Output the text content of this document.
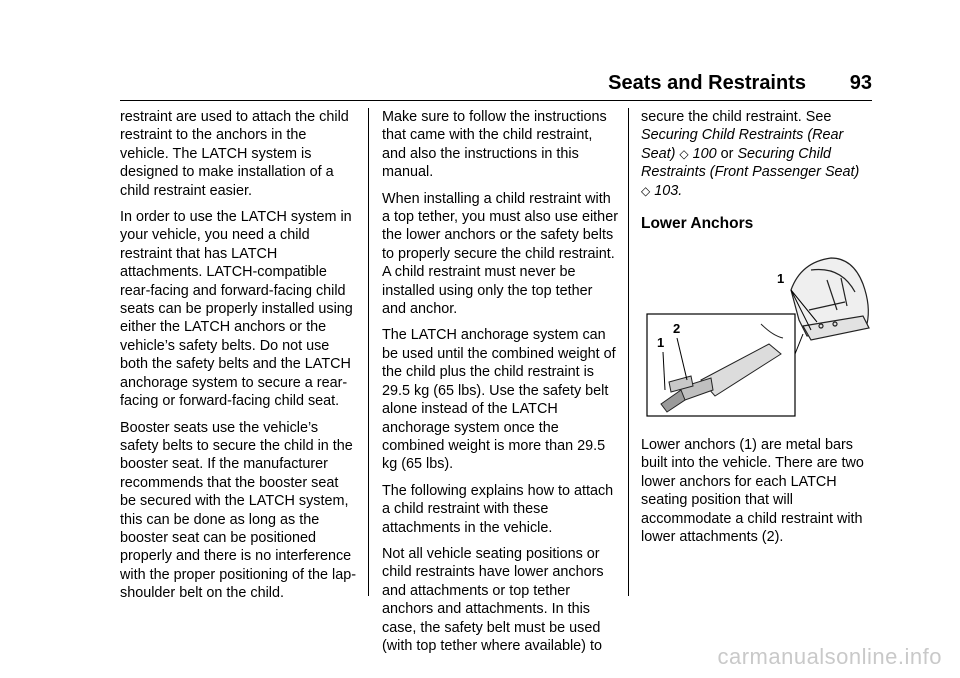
Seats and Restraints 93

restraint are used to attach the child restraint to the anchors in the vehicle. The LATCH system is designed to make installation of a child restraint easier.

In order to use the LATCH system in your vehicle, you need a child restraint that has LATCH attachments. LATCH-compatible rear-facing and forward-facing child seats can be properly installed using either the LATCH anchors or the vehicle’s safety belts. Do not use both the safety belts and the LATCH anchorage system to secure a rear-facing or forward-facing child seat.

Booster seats use the vehicle’s safety belts to secure the child in the booster seat. If the manufacturer recommends that the booster seat be secured with the LATCH system, this can be done as long as the booster seat can be positioned properly and there is no interference with the proper positioning of the lap-shoulder belt on the child.

Make sure to follow the instructions that came with the child restraint, and also the instructions in this manual.

When installing a child restraint with a top tether, you must also use either the lower anchors or the safety belts to properly secure the child restraint. A child restraint must never be installed using only the top tether and anchor.

The LATCH anchorage system can be used until the combined weight of the child plus the child restraint is 29.5 kg (65 lbs). Use the safety belt alone instead of the LATCH anchorage system once the combined weight is more than 29.5 kg (65 lbs).

The following explains how to attach a child restraint with these attachments in the vehicle.

Not all vehicle seating positions or child restraints have lower anchors and attachments or top tether anchors and attachments. In this case, the safety belt must be used (with top tether where available) to

secure the child restraint. See Securing Child Restraints (Rear Seat) ◇ 100 or Securing Child Restraints (Front Passenger Seat)
◇ 103.

Lower Anchors
1
2
1

Lower anchors (1) are metal bars built into the vehicle. There are two lower anchors for each LATCH seating position that will accommodate a child restraint with lower attachments (2).

carmanualsonline.info
